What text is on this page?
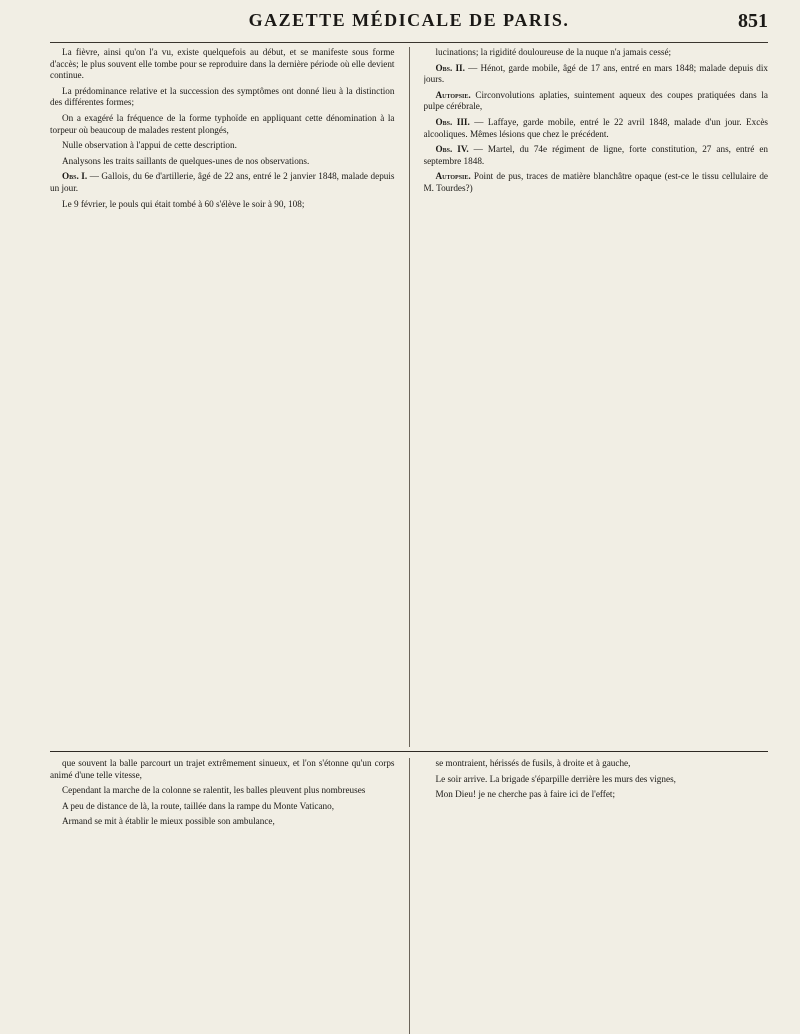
GAZETTE MÉDICALE DE PARIS.	851

La fièvre, ainsi qu'on l'a vu, existe quelquefois au début, et se manifeste sous forme d'accès; le plus souvent elle tombe pour se reproduire dans la dernière période où elle devient continue.

La prédominance relative et la succession des symptômes ont donné lieu à la distinction des différentes formes;

On a exagéré la fréquence de la forme typhoïde en appliquant cette dénomination à la torpeur où beaucoup de malades restent plongés,

Nulle observation à l'appui de cette description.

Analysons les traits saillants de quelques-unes de nos observations.

Obs. I. — Gallois, du 6e d'artillerie, âgé de 22 ans, entré le 2 janvier 1848, malade depuis un jour.

Le 9 février, le pouls qui était tombé à 60 s'élève le soir à 90, 108;

lucinations; la rigidité douloureuse de la nuque n'a jamais cessé;

Obs. II. — Hénot, garde mobile, âgé de 17 ans, entré en mars 1848; malade depuis dix jours.

Autopsie. Circonvolutions aplaties, suintement aqueux des coupes pratiquées dans la pulpe cérébrale,

Obs. III. — Laffaye, garde mobile, entré le 22 avril 1848, malade d'un jour. Excès alcooliques. Mêmes lésions que chez le précédent.

Obs. IV. — Martel, du 74e régiment de ligne, forte constitution, 27 ans, entré en septembre 1848.

Autopsie. Point de pus, traces de matière blanchâtre opaque (est-ce le tissu cellulaire de M. Tourdes?)

que souvent la balle parcourt un trajet extrêmement sinueux, et l'on s'étonne qu'un corps animé d'une telle vitesse,

Cependant la marche de la colonne se ralentit, les balles pleuvent plus nombreuses

A peu de distance de là, la route, taillée dans la rampe du Monte Vaticano,

Armand se mit à établir le mieux possible son ambulance,

se montraient, hérissés de fusils, à droite et à gauche,

Le soir arrive. La brigade s'éparpille derrière les murs des vignes,

Mon Dieu! je ne cherche pas à faire ici de l'effet;
